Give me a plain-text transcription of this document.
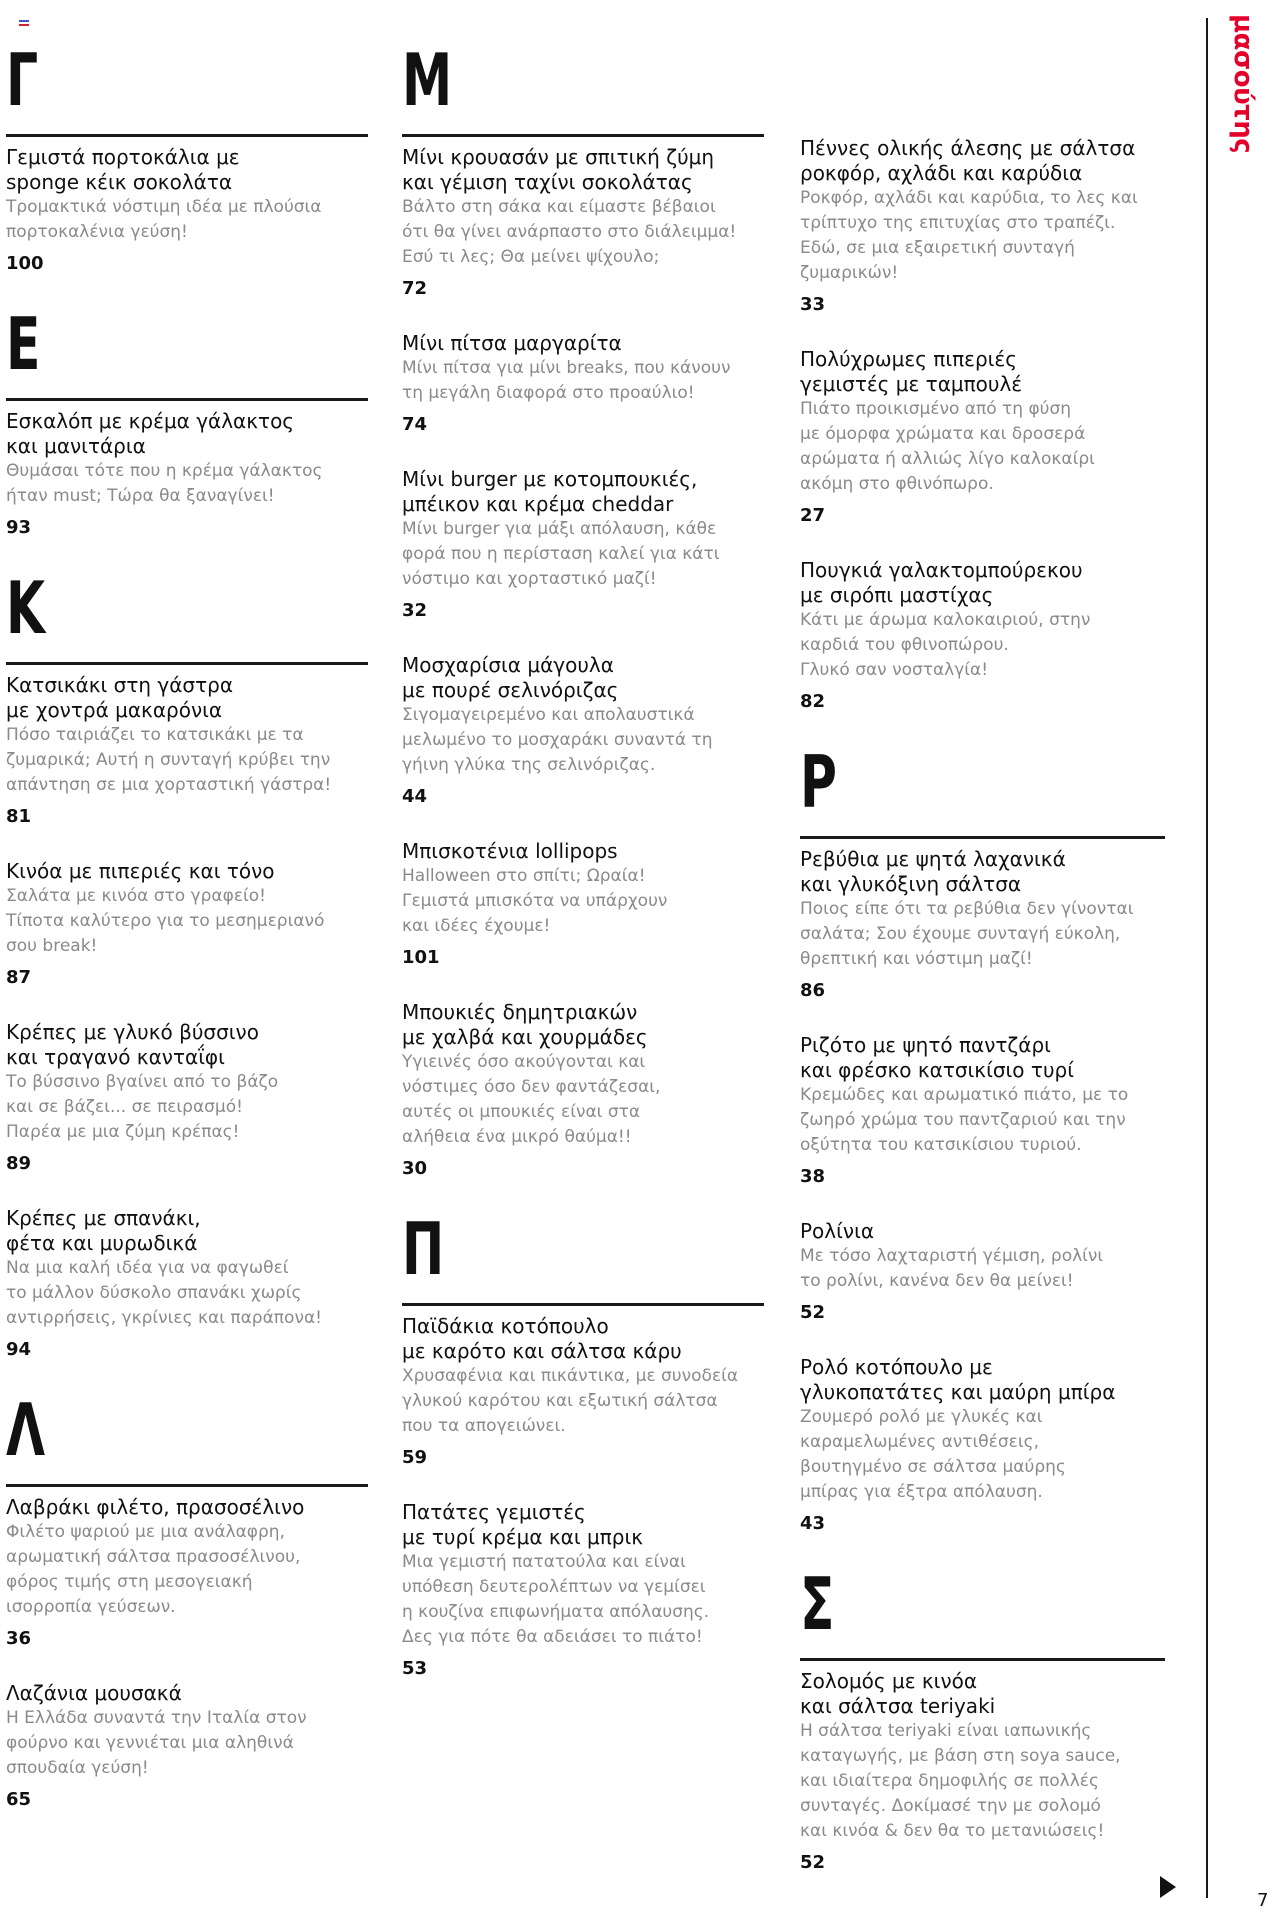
Γ
Γεμιστά πορτοκάλια με
sponge κέικ σοκολάτα
Τρομακτικά νόστιμη ιδέα με πλούσια
πορτοκαλένια γεύση!
100
Ε
Εσκαλόπ με κρέμα γάλακτος
και μανιτάρια
Θυμάσαι τότε που η κρέμα γάλακτος
ήταν must; Τώρα θα ξαναγίνει!
93
Κ
Κατσικάκι στη γάστρα
με χοντρά μακαρόνια
Πόσο ταιριάζει το κατσικάκι με τα
ζυμαρικά; Αυτή η συνταγή κρύβει την
απάντηση σε μια χορταστική γάστρα!
81
Κινόα με πιπεριές και τόνο
Σαλάτα με κινόα στο γραφείο!
Τίποτα καλύτερο για το μεσημεριανό
σου break!
87
Κρέπες με γλυκό βύσσινο
και τραγανό κανταΐφι
Το βύσσινο βγαίνει από το βάζο
και σε βάζει... σε πειρασμό!
Παρέα με μια ζύμη κρέπας!
89
Κρέπες με σπανάκι,
φέτα και μυρωδικά
Να μια καλή ιδέα για να φαγωθεί
το μάλλον δύσκολο σπανάκι χωρίς
αντιρρήσεις, γκρίνιες και παράπονα!
94
Λ
Λαβράκι φιλέτο, πρασοσέλινο
Φιλέτο ψαριού με μια ανάλαφρη,
αρωματική σάλτσα πρασοσέλινου,
φόρος τιμής στη μεσογειακή
ισορροπία γεύσεων.
36
Λαζάνια μουσακά
Η Ελλάδα συναντά την Ιταλία στον
φούρνο και γεννιέται μια αληθινά
σπουδαία γεύση!
65
Μ
Μίνι κρουασάν με σπιτική ζύμη
και γέμιση ταχίνι σοκολάτας
Βάλτο στη σάκα και είμαστε βέβαιοι
ότι θα γίνει ανάρπαστο στο διάλειμμα!
Εσύ τι λες; Θα μείνει ψίχουλο;
72
Μίνι πίτσα μαργαρίτα
Μίνι πίτσα για μίνι breaks, που κάνουν
τη μεγάλη διαφορά στο προαύλιο!
74
Μίνι burger με κοτομπουκιές,
μπέικον και κρέμα cheddar
Μίνι burger για μάξι απόλαυση, κάθε
φορά που η περίσταση καλεί για κάτι
νόστιμο και χορταστικό μαζί!
32
Μοσχαρίσια μάγουλα
με πουρέ σελινόριζας
Σιγομαγειρεμένο και απολαυστικά
μελωμένο το μοσχαράκι συναντά τη
γήινη γλύκα της σελινόριζας.
44
Μπισκοτένια lollipops
Halloween στο σπίτι; Ωραία!
Γεμιστά μπισκότα να υπάρχουν
και ιδέες έχουμε!
101
Μπουκιές δημητριακών
με χαλβά και χουρμάδες
Υγιεινές όσο ακούγονται και
νόστιμες όσο δεν φαντάζεσαι,
αυτές οι μπουκιές είναι στα
αλήθεια ένα μικρό θαύμα!!
30
Π
Παϊδάκια κοτόπουλο
με καρότο και σάλτσα κάρυ
Χρυσαφένια και πικάντικα, με συνοδεία
γλυκού καρότου και εξωτική σάλτσα
που τα απογειώνει.
59
Πατάτες γεμιστές
με τυρί κρέμα και μπρικ
Μια γεμιστή πατατούλα και είναι
υπόθεση δευτερολέπτων να γεμίσει
η κουζίνα επιφωνήματα απόλαυσης.
Δες για πότε θα αδειάσει το πιάτο!
53
Πέννες ολικής άλεσης με σάλτσα
ροκφόρ, αχλάδι και καρύδια
Ροκφόρ, αχλάδι και καρύδια, το λες και
τρίπτυχο της επιτυχίας στο τραπέζι.
Εδώ, σε μια εξαιρετική συνταγή
ζυμαρικών!
33
Πολύχρωμες πιπεριές
γεμιστές με ταμπουλέ
Πιάτο προικισμένο από τη φύση
με όμορφα χρώματα και δροσερά
αρώματα ή αλλιώς λίγο καλοκαίρι
ακόμη στο φθινόπωρο.
27
Πουγκιά γαλακτομπούρεκου
με σιρόπι μαστίχας
Κάτι με άρωμα καλοκαιριού, στην
καρδιά του φθινοπώρου.
Γλυκό σαν νοσταλγία!
82
Ρ
Ρεβύθια με ψητά λαχανικά
και γλυκόξινη σάλτσα
Ποιος είπε ότι τα ρεβύθια δεν γίνονται
σαλάτα; Σου έχουμε συνταγή εύκολη,
θρεπτική και νόστιμη μαζί!
86
Ριζότο με ψητό παντζάρι
και φρέσκο κατσικίσιο τυρί
Κρεμώδες και αρωματικό πιάτο, με το
ζωηρό χρώμα του παντζαριού και την
οξύτητα του κατσικίσιου τυριού.
38
Ρολίνια
Με τόσο λαχταριστή γέμιση, ρολίνι
το ρολίνι, κανένα δεν θα μείνει!
52
Ρολό κοτόπουλο με
γλυκοπατάτες και μαύρη μπίρα
Ζουμερό ρολό με γλυκές και
καραμελωμένες αντιθέσεις,
βουτηγμένο σε σάλτσα μαύρης
μπίρας για έξτρα απόλαυση.
43
Σ
Σολομός με κινόα
και σάλτσα teriyaki
Η σάλτσα teriyaki είναι ιαπωνικής
καταγωγής, με βάση στη soya sauce,
και ιδιαίτερα δημοφιλής σε πολλές
συνταγές. Δοκίμασέ την με σολομό
και κινόα & δεν θα το μετανιώσεις!
52
μασούτης
7
